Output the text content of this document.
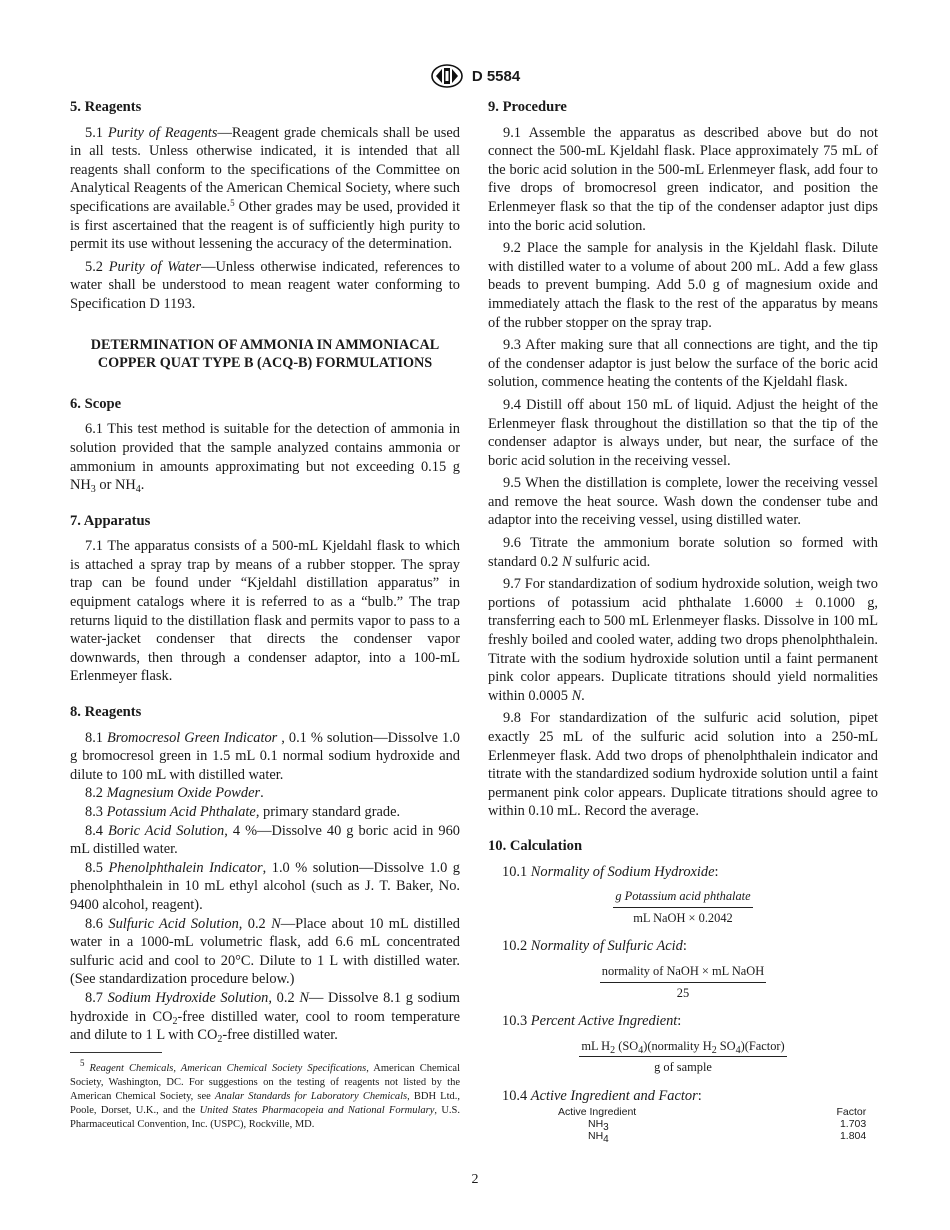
D 5584
5. Reagents

5.1 Purity of Reagents—Reagent grade chemicals shall be used in all tests. Unless otherwise indicated, it is intended that all reagents shall conform to the specifications of the Committee on Analytical Reagents of the American Chemical Society, where such specifications are available.$^5$ Other grades may be used, provided it is first ascertained that the reagent is of sufficiently high purity to permit its use without lessening the accuracy of the determination.

5.2 Purity of Water—Unless otherwise indicated, references to water shall be understood to mean reagent water conforming to Specification D 1193.

DETERMINATION OF AMMONIA IN AMMONIACAL
COPPER QUAT TYPE B (ACQ-B) FORMULATIONS
6. Scope

6.1 This test method is suitable for the detection of ammonia in solution provided that the sample analyzed contains ammonia or ammonium in amounts approximating but not exceeding 0.15 g $NH_3$ or $NH_4$.

7. Apparatus

7.1 The apparatus consists of a 500-mL Kjeldahl flask to which is attached a spray trap by means of a rubber stopper. The spray trap can be found under “Kjeldahl distillation apparatus” in equipment catalogs where it is referred to as a “bulb.” The trap returns liquid to the distillation flask and permits vapor to pass to a water-jacket condenser that directs the condenser vapor downwards, then through a condenser adaptor, into a 100-mL Erlenmeyer flask.

8. Reagents

8.1 Bromocresol Green Indicator , 0.1 % solution—Dissolve 1.0 g bromocresol green in 1.5 mL 0.1 normal sodium hydroxide and dilute to 100 mL with distilled water.

8.2 Magnesium Oxide Powder.

8.3 Potassium Acid Phthalate, primary standard grade.

8.4 Boric Acid Solution, 4 %—Dissolve 40 g boric acid in 960 mL distilled water.

8.5 Phenolphthalein Indicator, 1.0 % solution—Dissolve 1.0 g phenolphthalein in 10 mL ethyl alcohol (such as J. T. Baker, No. 9400 alcohol, reagent).

8.6 Sulfuric Acid Solution, 0.2 N—Place about 10 mL distilled water in a 1000-mL volumetric flask, add 6.6 mL concentrated sulfuric acid and cool to 20°C. Dilute to 1 L with distilled water. (See standardization procedure below.)

8.7 Sodium Hydroxide Solution, 0.2 N— Dissolve 8.1 g sodium hydroxide in $CO_2$-free distilled water, cool to room temperature and dilute to 1 L with $CO_2$-free distilled water.

$^5$ Reagent Chemicals, American Chemical Society Specifications, American Chemical Society, Washington, DC. For suggestions on the testing of reagents not listed by the American Chemical Society, see Analar Standards for Laboratory Chemicals, BDH Ltd., Poole, Dorset, U.K., and the United States Pharmacopeia and National Formulary, U.S. Pharmaceutical Convention, Inc. (USPC), Rockville, MD.
9. Procedure

9.1 Assemble the apparatus as described above but do not connect the 500-mL Kjeldahl flask. Place approximately 75 mL of the boric acid solution in the 500-mL Erlenmeyer flask, add four to five drops of bromocresol green indicator, and position the Erlenmeyer flask so that the tip of the condenser adaptor just dips into the boric acid solution.

9.2 Place the sample for analysis in the Kjeldahl flask. Dilute with distilled water to a volume of about 200 mL. Add a few glass beads to prevent bumping. Add 5.0 g of magnesium oxide and immediately attach the flask to the rest of the apparatus by means of the rubber stopper on the spray trap.

9.3 After making sure that all connections are tight, and the tip of the condenser adaptor is just below the surface of the boric acid solution, commence heating the contents of the Kjeldahl flask.

9.4 Distill off about 150 mL of liquid. Adjust the height of the Erlenmeyer flask throughout the distillation so that the tip of the condenser adaptor is always under, but near, the surface of the boric acid solution in the receiving vessel.

9.5 When the distillation is complete, lower the receiving vessel and remove the heat source. Wash down the condenser tube and adaptor into the receiving vessel, using distilled water.

9.6 Titrate the ammonium borate solution so formed with standard 0.2 N sulfuric acid.

9.7 For standardization of sodium hydroxide solution, weigh two portions of potassium acid phthalate 1.6000 ± 0.1000 g, transferring each to 500 mL Erlenmeyer flasks. Dissolve in 100 mL freshly boiled and cooled water, adding two drops phenolphthalein. Titrate with the sodium hydroxide solution until a faint permanent pink color appears. Duplicate titrations should yield normalities within 0.0005 N.

9.8 For standardization of the sulfuric acid solution, pipet exactly 25 mL of the sulfuric acid solution into a 250-mL Erlenmeyer flask. Add two drops of phenolphthalein indicator and titrate with the standardized sodium hydroxide solution until a faint permanent pink color appears. Duplicate titrations should agree to within 0.10 mL. Record the average.

10. Calculation
10.1 Normality of Sodium Hydroxide:
$\frac{\text{g Potassium acid phthalate}}{\text{mL NaOH × 0.2042}}$
10.2 Normality of Sulfuric Acid:
$\frac{\text{normality of NaOH × mL NaOH}}{25}$
10.3 Percent Active Ingredient:
$\frac{mL H_2 (SO_4)(normality H_2 SO_4)(Factor)}{\text{g of sample}}$
10.4 Active Ingredient and Factor:
Active Ingredient	Factor
$NH_3$	1.703
$NH_4$	1.804
2
